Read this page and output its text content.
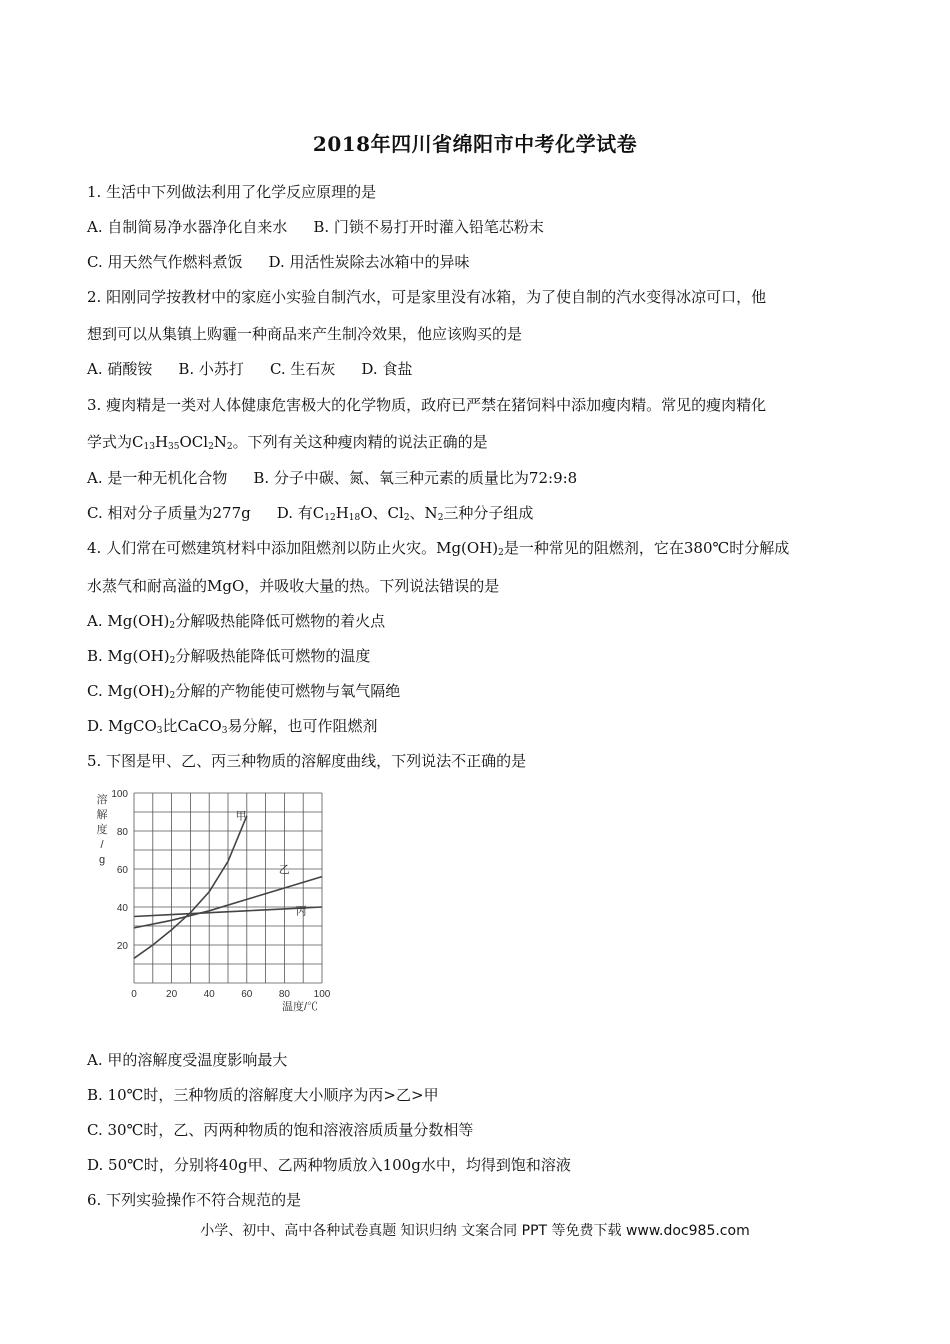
2018年四川省绵阳市中考化学试卷
1. 生活中下列做法利用了化学反应原理的是
A. 自制简易净水器净化自来水 B. 门锁不易打开时灌入铅笔芯粉末
C. 用天然气作燃料煮饭 D. 用活性炭除去冰箱中的异味
2. 阳刚同学按教材中的家庭小实验自制汽水，可是家里没有冰箱，为了使自制的汽水变得冰凉可口，他
想到可以从集镇上购霾一种商品来产生制冷效果，他应该购买的是
A. 硝酸铵 B. 小苏打 C. 生石灰 D. 食盐
3. 瘦肉精是一类对人体健康危害极大的化学物质，政府已严禁在猪饲料中添加瘦肉精。常见的瘦肉精化
学式为$C_{13}H_{35}OCl_2N_2$。下列有关这种瘦肉精的说法正确的是
A. 是一种无机化合物 B. 分子中碳、氮、氧三种元素的质量比为72:9:8
C. 相对分子质量为277g D. 有$C_{12}H_{18}O$、$Cl_2$、$N_2$三种分子组成
4. 人们常在可燃建筑材料中添加阻燃剂以防止火灾。$Mg(OH)_2$是一种常见的阻燃剂，它在380℃时分解成
水蒸气和耐高溢的MgO，并吸收大量的热。下列说法错误的是
A. $Mg(OH)_2$分解吸热能降低可燃物的着火点
B. $Mg(OH)_2$分解吸热能降低可燃物的温度
C. $Mg(OH)_2$分解的产物能使可燃物与氧气隔绝
D. MgCO$_3$比CaCO$_3$易分解，也可作阻燃剂
5. 下图是甲、乙、丙三种物质的溶解度曲线，下列说法不正确的是
0	20	40	60	80 100
20
40
60
80
100
溶
解
度
/
g
温度/℃
甲
乙
丙
A. 甲的溶解度受温度影响最大
B. 10℃时，三种物质的溶解度大小顺序为丙>乙>甲
C. 30℃时，乙、丙两种物质的饱和溶液溶质质量分数相等
D. 50℃时，分别将40g甲、乙两种物质放入100g水中，均得到饱和溶液
6. 下列实验操作不符合规范的是
小学、初中、高中各种试卷真题 知识归纳 文案合同 PPT 等免费下载 www.doc985.com
